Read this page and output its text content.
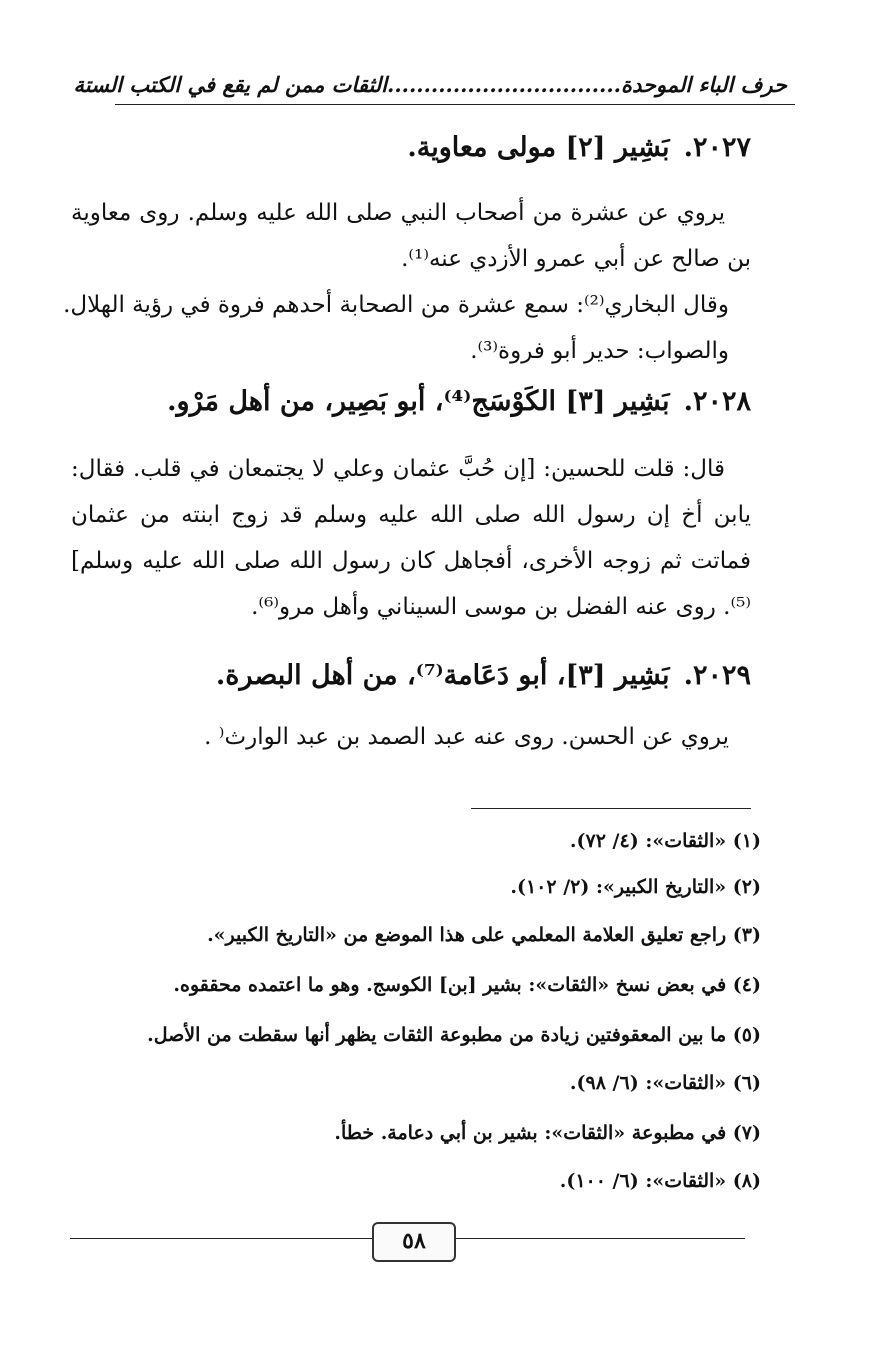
حرف الباء الموحدة................................الثقات ممن لم يقع في الكتب الستة
٢٠٢٧.بَشِير [٢] مولى معاوية.
يروي عن عشرة من أصحاب النبي صلى الله عليه وسلم. روى معاوية بن صالح عن أبي عمرو الأزدي عنه⁽¹⁾.
وقال البخاري⁽²⁾: سمع عشرة من الصحابة أحدهم فروة في رؤية الهلال.
والصواب: حدير أبو فروة⁽³⁾.
٢٠٢٨.بَشِير [٣] الكَوْسَج⁽⁴⁾، أبو بَصِير، من أهل مَرْو.
قال: قلت للحسين: [إن حُبَّ عثمان وعلي لا يجتمعان في قلب. فقال: يابن أخ إن رسول الله صلى الله عليه وسلم قد زوج ابنته من عثمان فماتت ثم زوجه الأخرى، أفجاهل كان رسول الله صلى الله عليه وسلم]⁽⁵⁾. روى عنه الفضل بن موسى السيناني وأهل مرو⁽⁶⁾.
٢٠٢٩.بَشِير [٣]، أبو دَعَامة⁽⁷⁾، من أهل البصرة.
يروي عن الحسن. روى عنه عبد الصمد بن عبد الوارث⁽ .
(١) «الثقات»: (٤/ ٧٢).
(٢) «التاريخ الكبير»: (٢/ ١٠٢).
(٣) راجع تعليق العلامة المعلمي على هذا الموضع من «التاريخ الكبير».
(٤) في بعض نسخ «الثقات»: بشير [بن] الكوسج. وهو ما اعتمده محققوه.
(٥) ما بين المعقوفتين زيادة من مطبوعة الثقات يظهر أنها سقطت من الأصل.
(٦) «الثقات»: (٦/ ٩٨).
(٧) في مطبوعة «الثقات»: بشير بن أبي دعامة. خطأ.
(٨) «الثقات»: (٦/ ١٠٠).
٥٨
